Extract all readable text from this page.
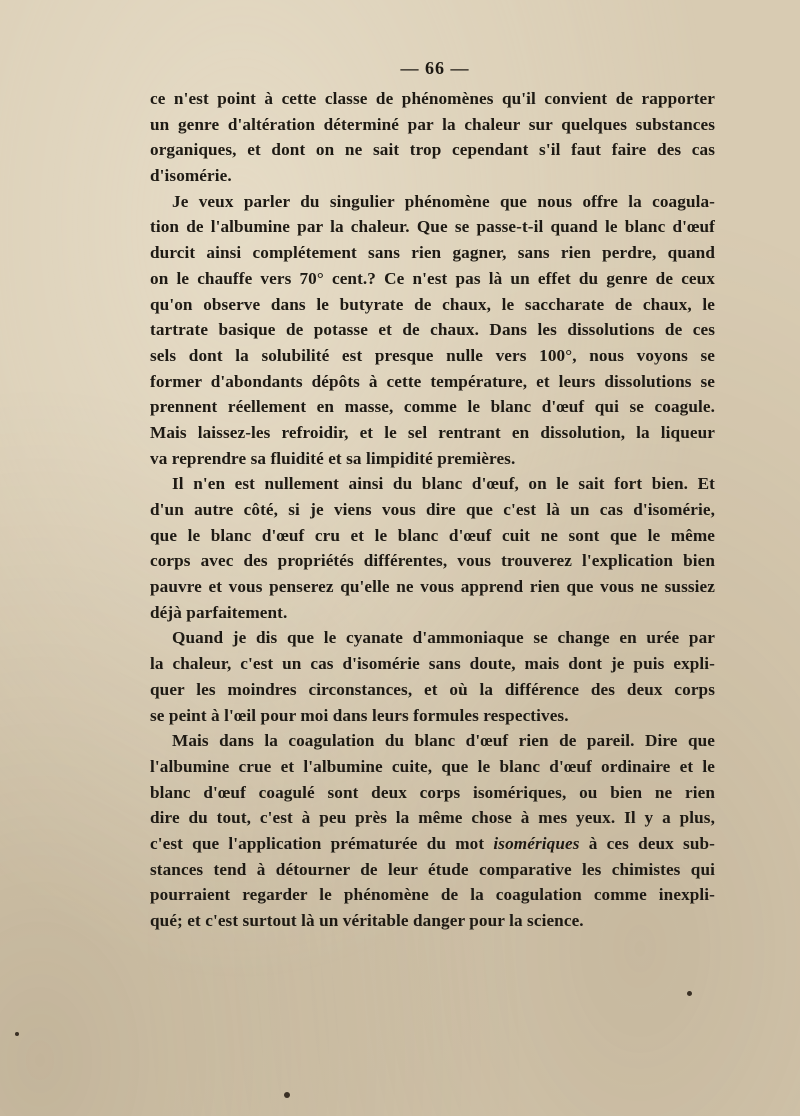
— 66 —
ce n'est point à cette classe de phénomènes qu'il convient de rapporter
un genre d'altération déterminé par la chaleur sur quelques substances
organiques, et dont on ne sait trop cependant s'il faut faire des cas
d'isomérie.
Je veux parler du singulier phénomène que nous offre la coagula-
tion de l'albumine par la chaleur. Que se passe-t-il quand le blanc d'œuf
durcit ainsi complétement sans rien gagner, sans rien perdre, quand
on le chauffe vers 70° cent.? Ce n'est pas là un effet du genre de ceux
qu'on observe dans le butyrate de chaux, le saccharate de chaux, le
tartrate basique de potasse et de chaux. Dans les dissolutions de ces
sels dont la solubilité est presque nulle vers 100°, nous voyons se
former d'abondants dépôts à cette température, et leurs dissolutions se
prennent réellement en masse, comme le blanc d'œuf qui se coagule.
Mais laissez-les refroidir, et le sel rentrant en dissolution, la liqueur
va reprendre sa fluidité et sa limpidité premières.
Il n'en est nullement ainsi du blanc d'œuf, on le sait fort bien. Et
d'un autre côté, si je viens vous dire que c'est là un cas d'isomérie,
que le blanc d'œuf cru et le blanc d'œuf cuit ne sont que le même
corps avec des propriétés différentes, vous trouverez l'explication bien
pauvre et vous penserez qu'elle ne vous apprend rien que vous ne sussiez
déjà parfaitement.
Quand je dis que le cyanate d'ammoniaque se change en urée par
la chaleur, c'est un cas d'isomérie sans doute, mais dont je puis expli-
quer les moindres circonstances, et où la différence des deux corps
se peint à l'œil pour moi dans leurs formules respectives.
Mais dans la coagulation du blanc d'œuf rien de pareil. Dire que
l'albumine crue et l'albumine cuite, que le blanc d'œuf ordinaire et le
blanc d'œuf coagulé sont deux corps isomériques, ou bien ne rien
dire du tout, c'est à peu près la même chose à mes yeux. Il y a plus,
c'est que l'application prématurée du mot isomériques à ces deux sub-
stances tend à détourner de leur étude comparative les chimistes qui
pourraient regarder le phénomène de la coagulation comme inexpli-
qué; et c'est surtout là un véritable danger pour la science.
